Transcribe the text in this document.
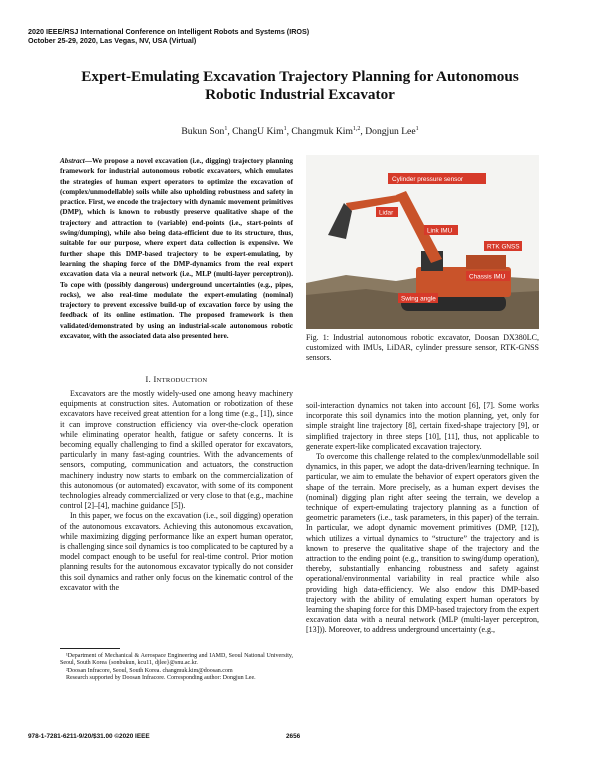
2020 IEEE/RSJ International Conference on Intelligent Robots and Systems (IROS)
October 25-29, 2020, Las Vegas, NV, USA (Virtual)
Expert-Emulating Excavation Trajectory Planning for Autonomous
Robotic Industrial Excavator
Bukun Son$^1$, ChangU Kim$^1$, Changmuk Kim$^{1,2}$, Dongjun Lee$^1$
Abstract—We propose a novel excavation (i.e., digging) trajectory planning framework for industrial autonomous robotic excavators, which emulates the strategies of human expert operators to optimize the excavation of (complex/unmodellable) soils while also upholding robustness and safety in practice. First, we encode the trajectory with dynamic movement primitives (DMP), which is known to robustly preserve qualitative shape of the trajectory and attraction to (variable) end-points (i.e., start-points of swing/dumping), while also being data-efficient due to its structure, thus, suitable for our purpose, where expert data collection is expensive. We further shape this DMP-based trajectory to be expert-emulating, by learning the shaping force of the DMP-dynamics from the real expert excavation data via a neural network (i.e., MLP (multi-layer perceptron)). To cope with (possibly dangerous) underground uncertainties (e.g., pipes, rocks), we also real-time modulate the expert-emulating (nominal) trajectory to prevent excessive build-up of excavation force by using the feedback of its online estimation. The proposed framework is then validated/demonstrated by using an industrial-scale autonomous robotic excavator, with the associated data also presented here.
I. INTRODUCTION

Excavators are the mostly widely-used one among heavy machinery equipments at construction sites. Automation or robotization of these excavators have received great attention for a long time (e.g., [1]), since it can improve construction efficiency via over-the-clock operation while eliminating operator health, fatigue or safety concerns. It is becoming equally challenging to find a skilled operator for excavators, particularly in many fast-aging countries. With the advancements of sensors, computing, communication and actuators, the construction machinery industry now starts to embark on the commercialization of this autonomous (or automated) excavator, with some of its component technologies already commercialized or very close to that (e.g., machine control [2]–[4], machine guidance [5]).

In this paper, we focus on the excavation (i.e., soil digging) operation of the autonomous excavators. Achieving this autonomous excavation, while maximizing digging performance like an expert human operator, is challenging since soil dynamics is too complicated to be captured by a model compact enough to be useful for real-time control. Prior motion planning results for the autonomous excavator typically do not consider this soil dynamics and rather only focus on the kinematic control of the excavator with the

¹Department of Mechanical & Aerospace Engineering and IAMD, Seoul National University, Seoul, South Korea {sonbukun, kcu11, djlee}@snu.ac.kr.

²Doosan Infracore, Seoul, South Korea. changmuk.kim@doosan.com

Research supported by Doosan Infracore. Corresponding author: Dongjun Lee.

Cylinder pressure sensor
Lidar
Link IMU
RTK GNSS
Chassis IMU
Swing angle
Fig. 1: Industrial autonomous robotic excavator, Doosan DX380LC, customized with IMUs, LiDAR, cylinder pressure sensor, RTK-GNSS sensors.

soil-interaction dynamics not taken into account [6], [7]. Some works incorporate this soil dynamics into the motion planning, yet, only for simple straight line trajectory [8], certain fixed-shape trajectory [9], or simplified trajectory in three steps [10], [11], thus, not applicable to generate expert-like complicated excavation trajectory.

To overcome this challenge related to the complex/unmodellable soil dynamics, in this paper, we adopt the data-driven/learning technique. In particular, we aim to emulate the behavior of expert operators given the shape of the terrain. More precisely, as a human expert devises the (nominal) digging plan right after seeing the terrain, we develop a technique of expert-emulating trajectory planning as a function of geometric parameters (i.e., task parameters, in this paper) of the terrain. In particular, we adopt dynamic movement primitives (DMP, [12]), which utilizes a virtual dynamics to “structure” the trajectory and is known to preserve the qualitative shape of the trajectory and the attraction to the ending point (e.g., transition to swing/dump operation), thereby, substantially enhancing robustness and safety against operational/environmental variability in real practice while also providing high data-efficiency. We also endow this DMP-based trajectory with the ability of emulating expert human operators by learning the shaping force for this DMP-based trajectory from the expert excavation data with a neural network (MLP (multi-layer perceptron, [13])). Moreover, to address underground uncertainty (e.g.,

978-1-7281-6211-9/20/$31.00 ©2020 IEEE	2656
